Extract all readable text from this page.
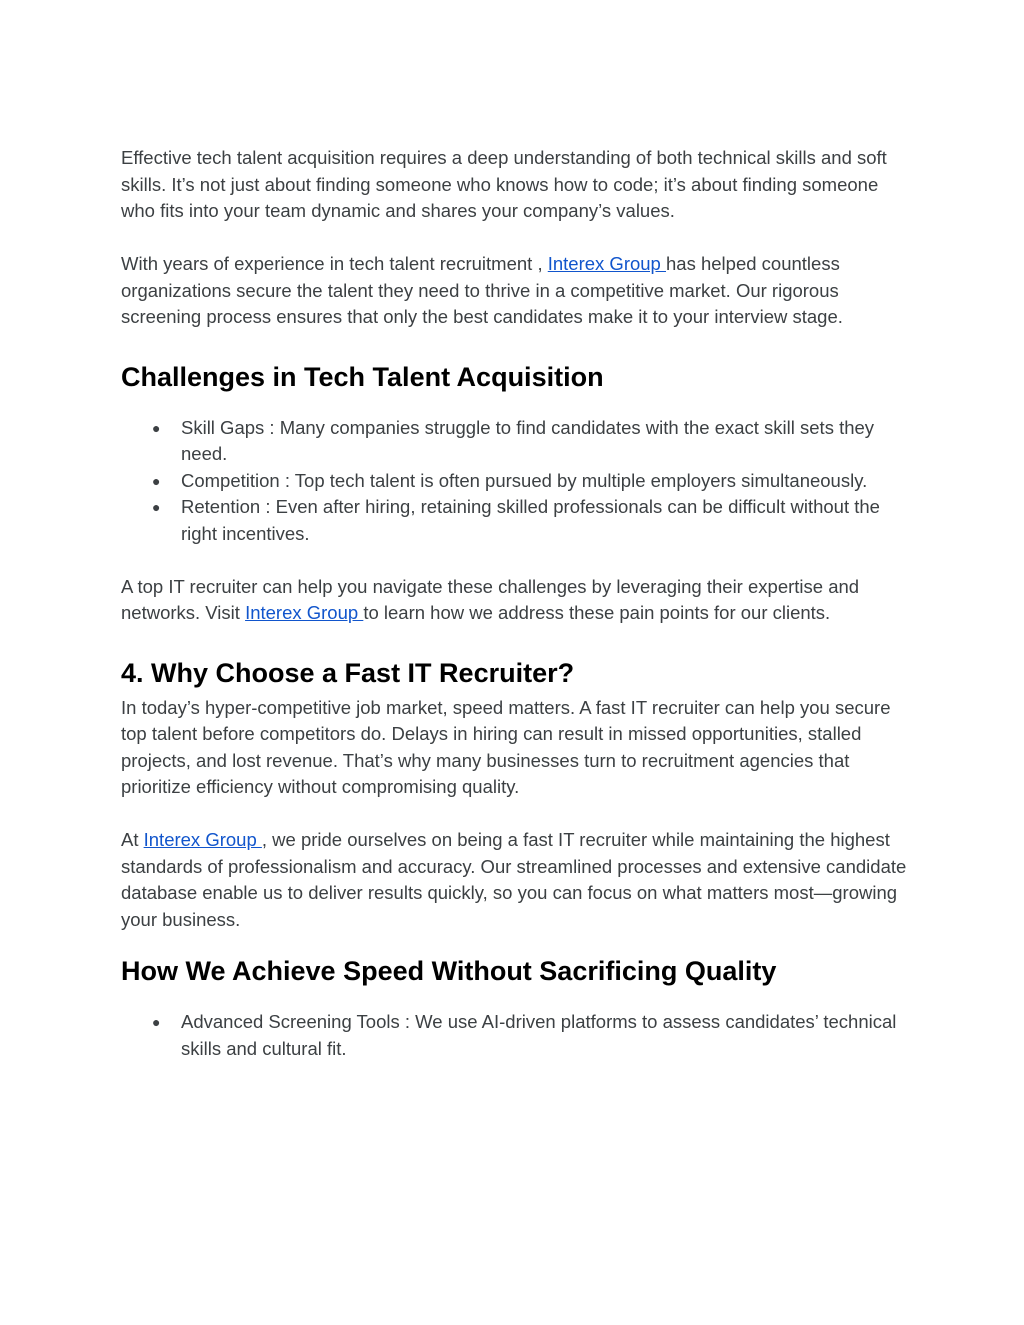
Effective tech talent acquisition requires a deep understanding of both technical skills and soft skills. It’s not just about finding someone who knows how to code; it’s about finding someone who fits into your team dynamic and shares your company’s values.

With years of experience in tech talent recruitment , Interex Group has helped countless organizations secure the talent they need to thrive in a competitive market. Our rigorous screening process ensures that only the best candidates make it to your interview stage.

Challenges in Tech Talent Acquisition
● Skill Gaps : Many companies struggle to find candidates with the exact skill sets they need.
● Competition : Top tech talent is often pursued by multiple employers simultaneously.
● Retention : Even after hiring, retaining skilled professionals can be difficult without the right incentives.

A top IT recruiter can help you navigate these challenges by leveraging their expertise and networks. Visit Interex Group to learn how we address these pain points for our clients.

4. Why Choose a Fast IT Recruiter?

In today’s hyper-competitive job market, speed matters. A fast IT recruiter can help you secure top talent before competitors do. Delays in hiring can result in missed opportunities, stalled projects, and lost revenue. That’s why many businesses turn to recruitment agencies that prioritize efficiency without compromising quality.

At Interex Group , we pride ourselves on being a fast IT recruiter while maintaining the highest standards of professionalism and accuracy. Our streamlined processes and extensive candidate database enable us to deliver results quickly, so you can focus on what matters most—growing your business.

How We Achieve Speed Without Sacrificing Quality
● Advanced Screening Tools : We use AI-driven platforms to assess candidates’ technical skills and cultural fit.
